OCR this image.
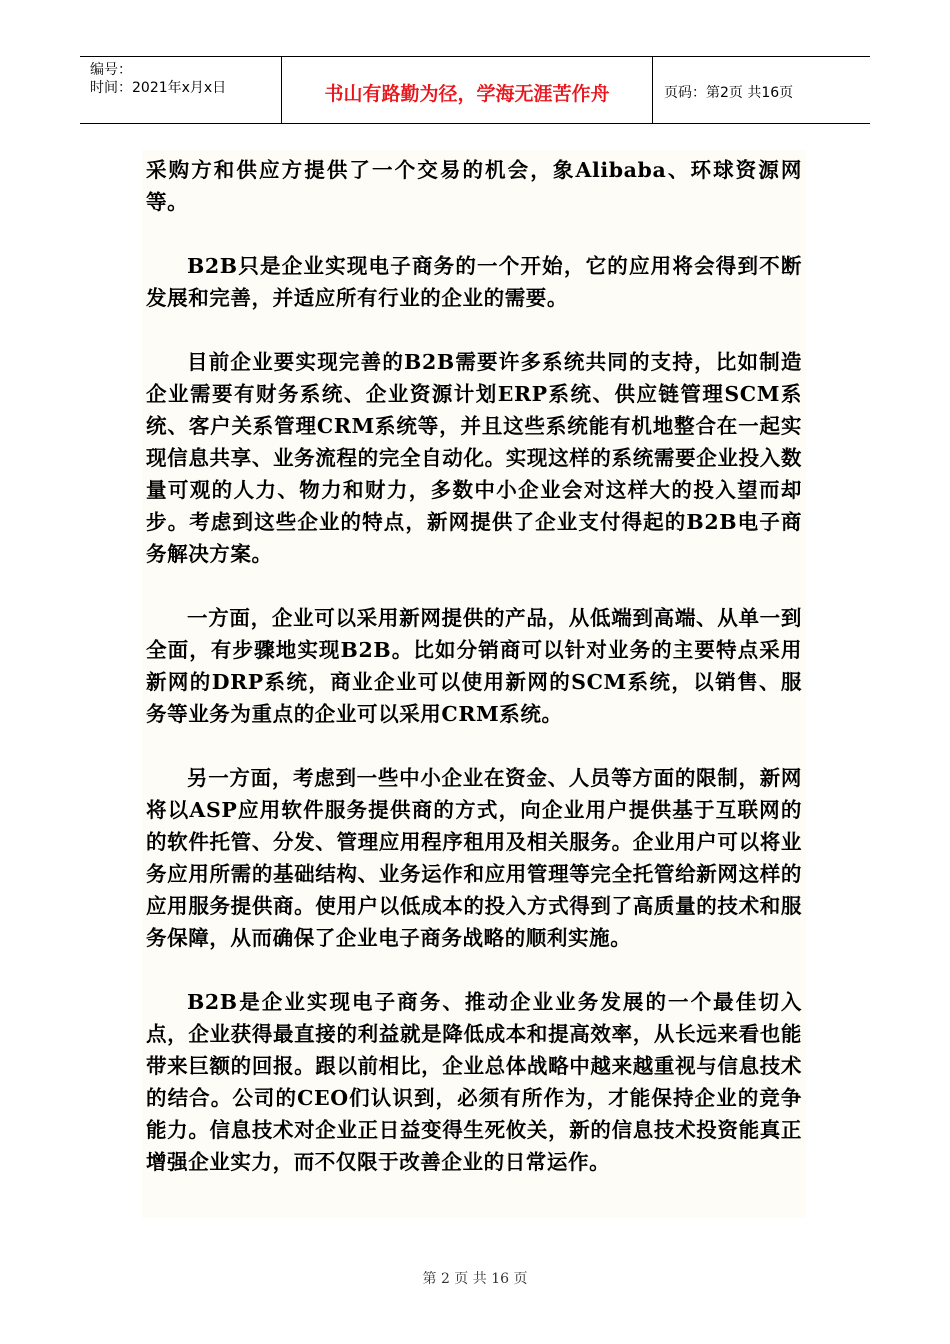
编号：
时间：2021年x月x日	书山有路勤为径，学海无涯苦作舟	页码：第2页 共16页

采购方和供应方提供了一个交易的机会，象Alibaba、环球资源网等。

B2B只是企业实现电子商务的一个开始，它的应用将会得到不断发展和完善，并适应所有行业的企业的需要。

目前企业要实现完善的B2B需要许多系统共同的支持，比如制造企业需要有财务系统、企业资源计划ERP系统、供应链管理SCM系统、客户关系管理CRM系统等，并且这些系统能有机地整合在一起实现信息共享、业务流程的完全自动化。实现这样的系统需要企业投入数量可观的人力、物力和财力，多数中小企业会对这样大的投入望而却步。考虑到这些企业的特点，新网提供了企业支付得起的B2B电子商务解决方案。

一方面，企业可以采用新网提供的产品，从低端到高端、从单一到全面，有步骤地实现B2B。比如分销商可以针对业务的主要特点采用新网的DRP系统，商业企业可以使用新网的SCM系统，以销售、服务等业务为重点的企业可以采用CRM系统。

另一方面，考虑到一些中小企业在资金、人员等方面的限制，新网将以ASP应用软件服务提供商的方式，向企业用户提供基于互联网的的软件托管、分发、管理应用程序租用及相关服务。企业用户可以将业务应用所需的基础结构、业务运作和应用管理等完全托管给新网这样的应用服务提供商。使用户以低成本的投入方式得到了高质量的技术和服务保障，从而确保了企业电子商务战略的顺利实施。

B2B是企业实现电子商务、推动企业业务发展的一个最佳切入点，企业获得最直接的利益就是降低成本和提高效率，从长远来看也能带来巨额的回报。跟以前相比，企业总体战略中越来越重视与信息技术的结合。公司的CEO们认识到，必须有所作为，才能保持企业的竞争能力。信息技术对企业正日益变得生死攸关，新的信息技术投资能真正增强企业实力，而不仅限于改善企业的日常运作。

第 2 页 共 16 页
